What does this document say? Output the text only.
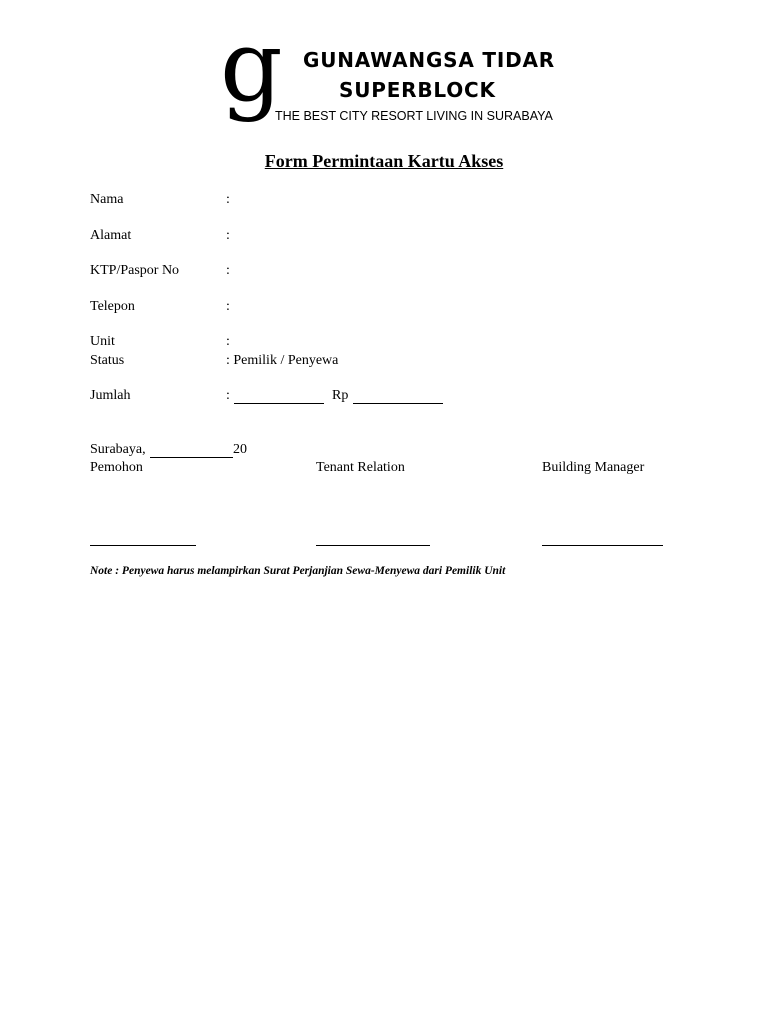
g GUNAWANGSA TIDAR
SUPERBLOCK
THE BEST CITY RESORT LIVING IN SURABAYA
Form Permintaan Kartu Akses
Nama	:
Alamat	:
KTP/Paspor No	:
Telepon	:
Unit	:
Status	: Pemilik / Penyewa
Jumlah	:	Rp
Surabaya,	20
Pemohon	Tenant Relation	Building Manager
Note : Penyewa harus melampirkan Surat Perjanjian Sewa-Menyewa dari Pemilik Unit
